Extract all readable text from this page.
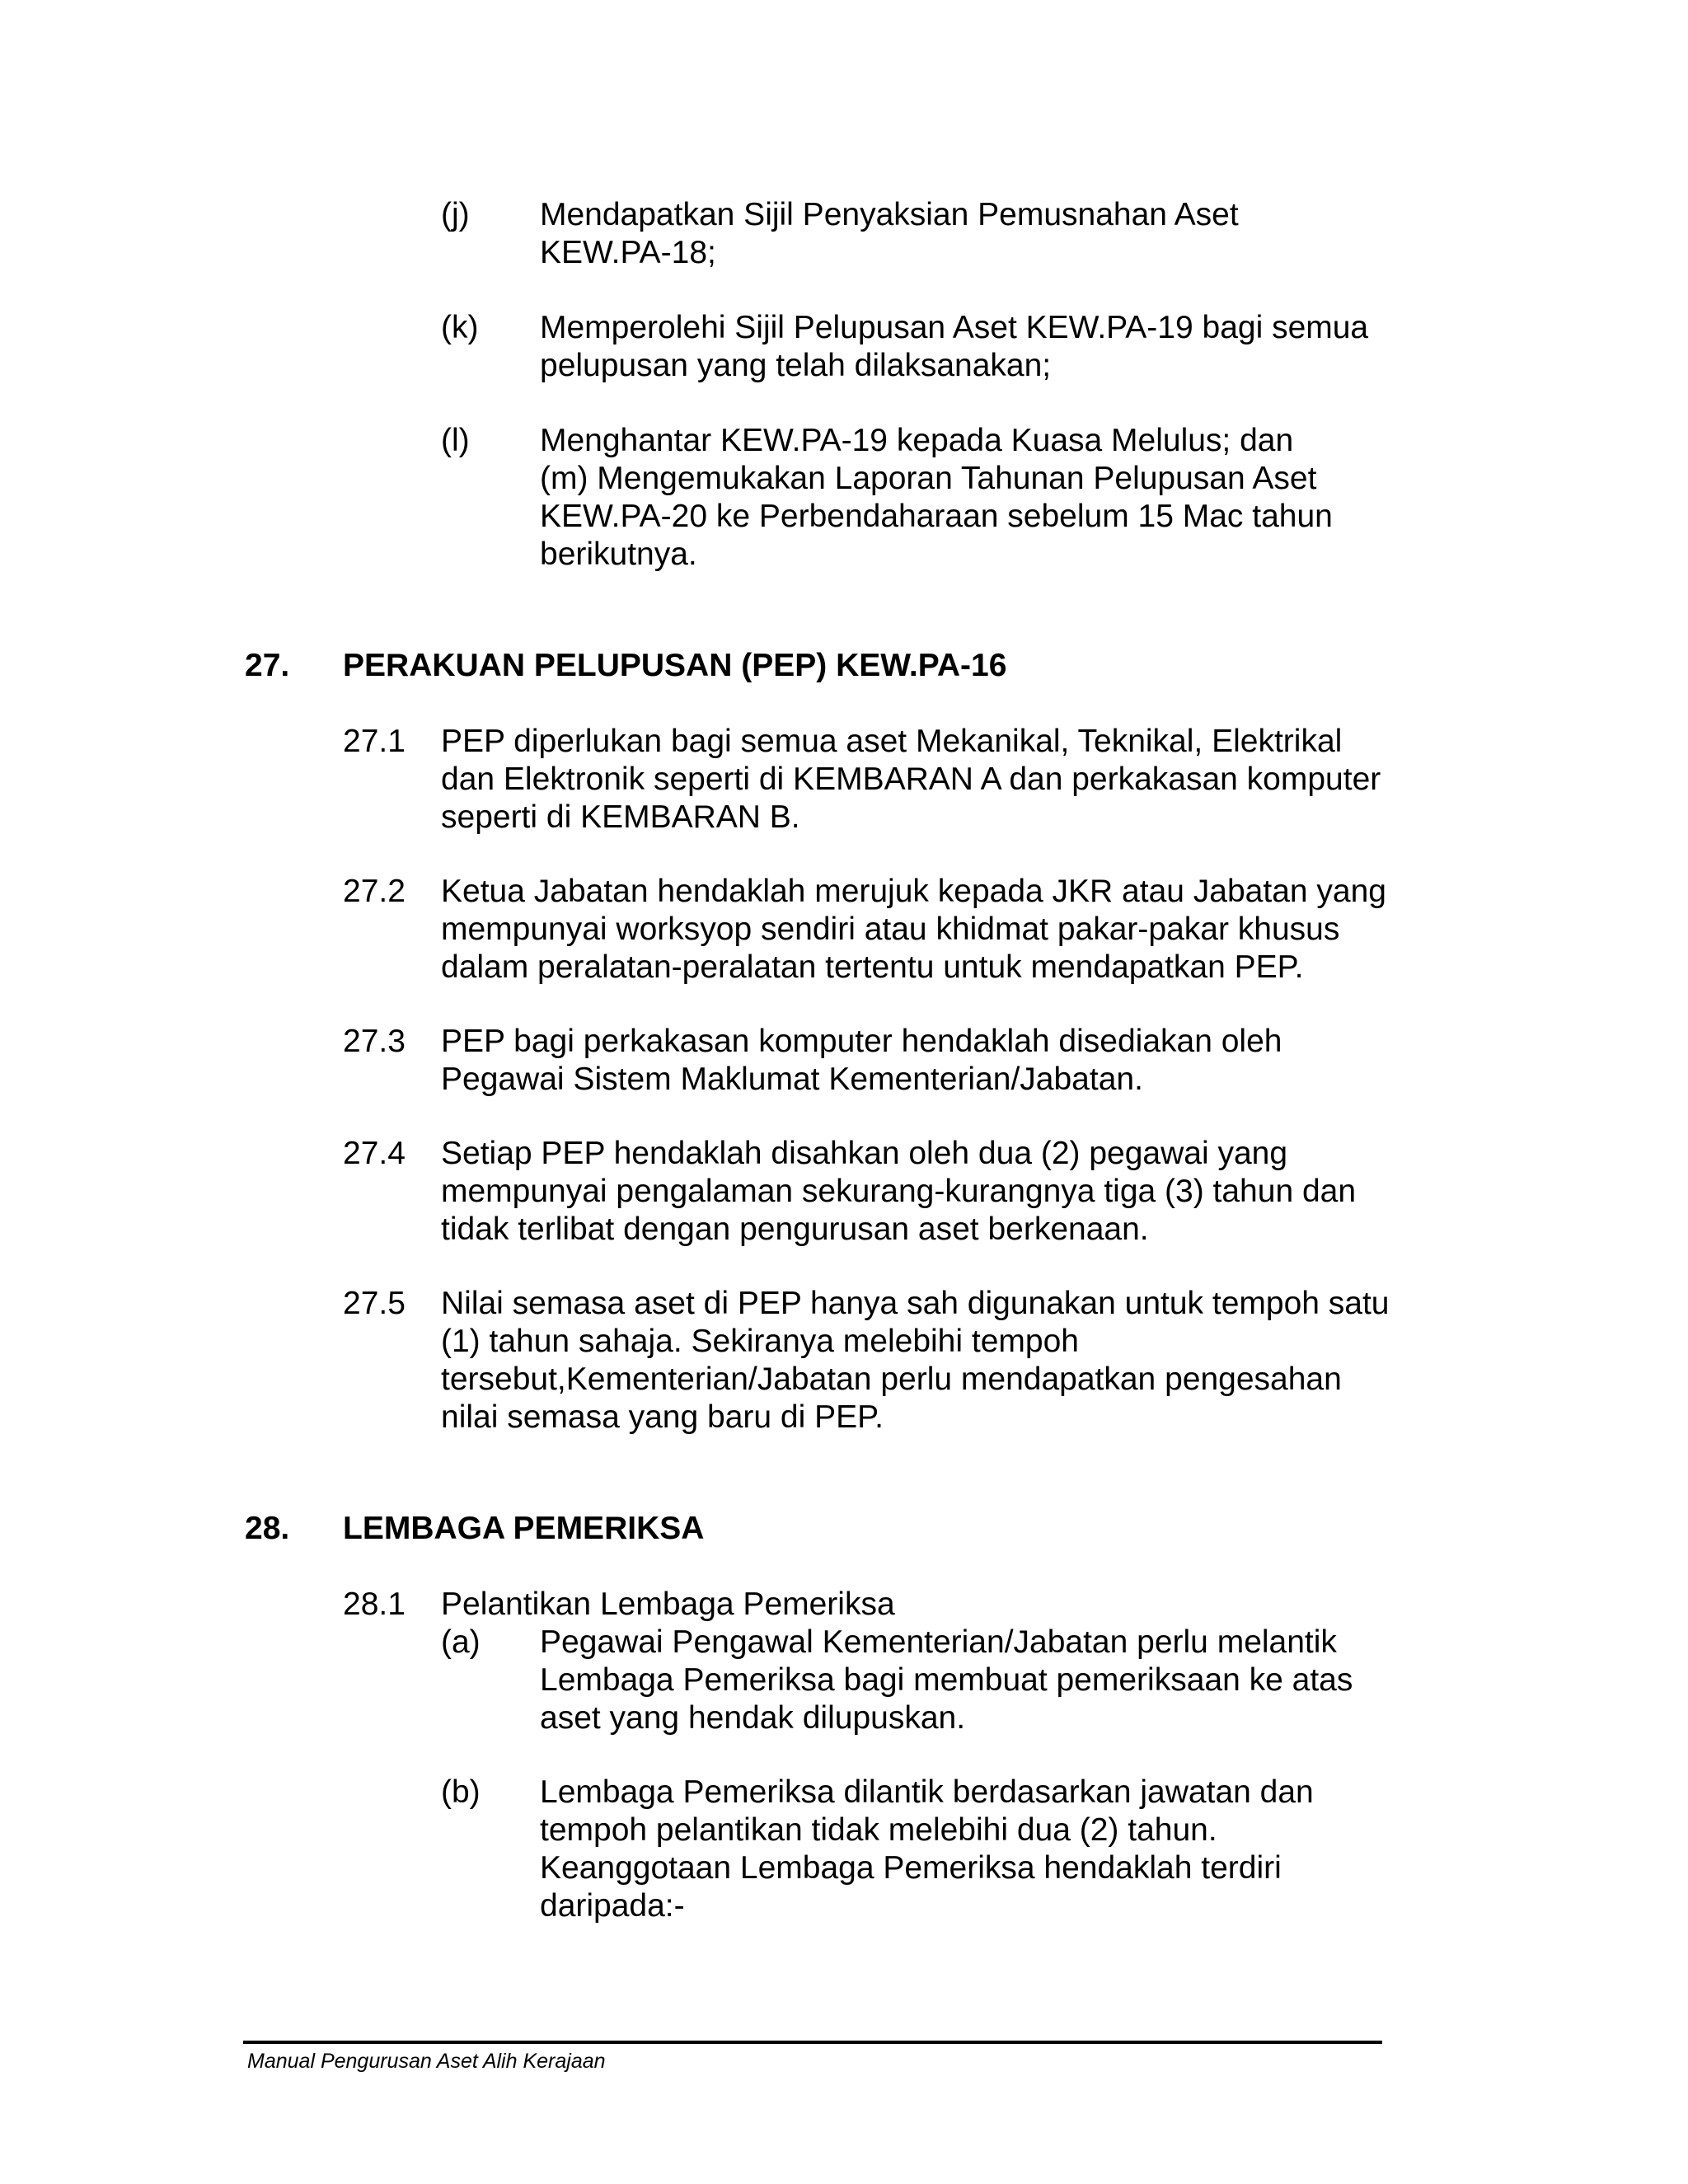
(j) Mendapatkan Sijil Penyaksian Pemusnahan Aset
KEW.PA-18;
(k) Memperolehi Sijil Pelupusan Aset KEW.PA-19 bagi semua
pelupusan yang telah dilaksanakan;
(l) Menghantar KEW.PA-19 kepada Kuasa Melulus; dan
(m) Mengemukakan Laporan Tahunan Pelupusan Aset
KEW.PA-20 ke Perbendaharaan sebelum 15 Mac tahun
berikutnya.
27. PERAKUAN PELUPUSAN (PEP) KEW.PA-16
27.1 PEP diperlukan bagi semua aset Mekanikal, Teknikal, Elektrikal
dan Elektronik seperti di KEMBARAN A dan perkakasan komputer
seperti di KEMBARAN B.
27.2 Ketua Jabatan hendaklah merujuk kepada JKR atau Jabatan yang
mempunyai worksyop sendiri atau khidmat pakar-pakar khusus
dalam peralatan-peralatan tertentu untuk mendapatkan PEP.
27.3 PEP bagi perkakasan komputer hendaklah disediakan oleh
Pegawai Sistem Maklumat Kementerian/Jabatan.
27.4 Setiap PEP hendaklah disahkan oleh dua (2) pegawai yang
mempunyai pengalaman sekurang-kurangnya tiga (3) tahun dan
tidak terlibat dengan pengurusan aset berkenaan.
27.5 Nilai semasa aset di PEP hanya sah digunakan untuk tempoh satu
(1) tahun sahaja. Sekiranya melebihi tempoh
tersebut,Kementerian/Jabatan perlu mendapatkan pengesahan
nilai semasa yang baru di PEP.
28. LEMBAGA PEMERIKSA
28.1 Pelantikan Lembaga Pemeriksa
(a) Pegawai Pengawal Kementerian/Jabatan perlu melantik
Lembaga Pemeriksa bagi membuat pemeriksaan ke atas
aset yang hendak dilupuskan.
(b) Lembaga Pemeriksa dilantik berdasarkan jawatan dan
tempoh pelantikan tidak melebihi dua (2) tahun.
Keanggotaan Lembaga Pemeriksa hendaklah terdiri
daripada:-
Manual Pengurusan Aset Alih Kerajaan
